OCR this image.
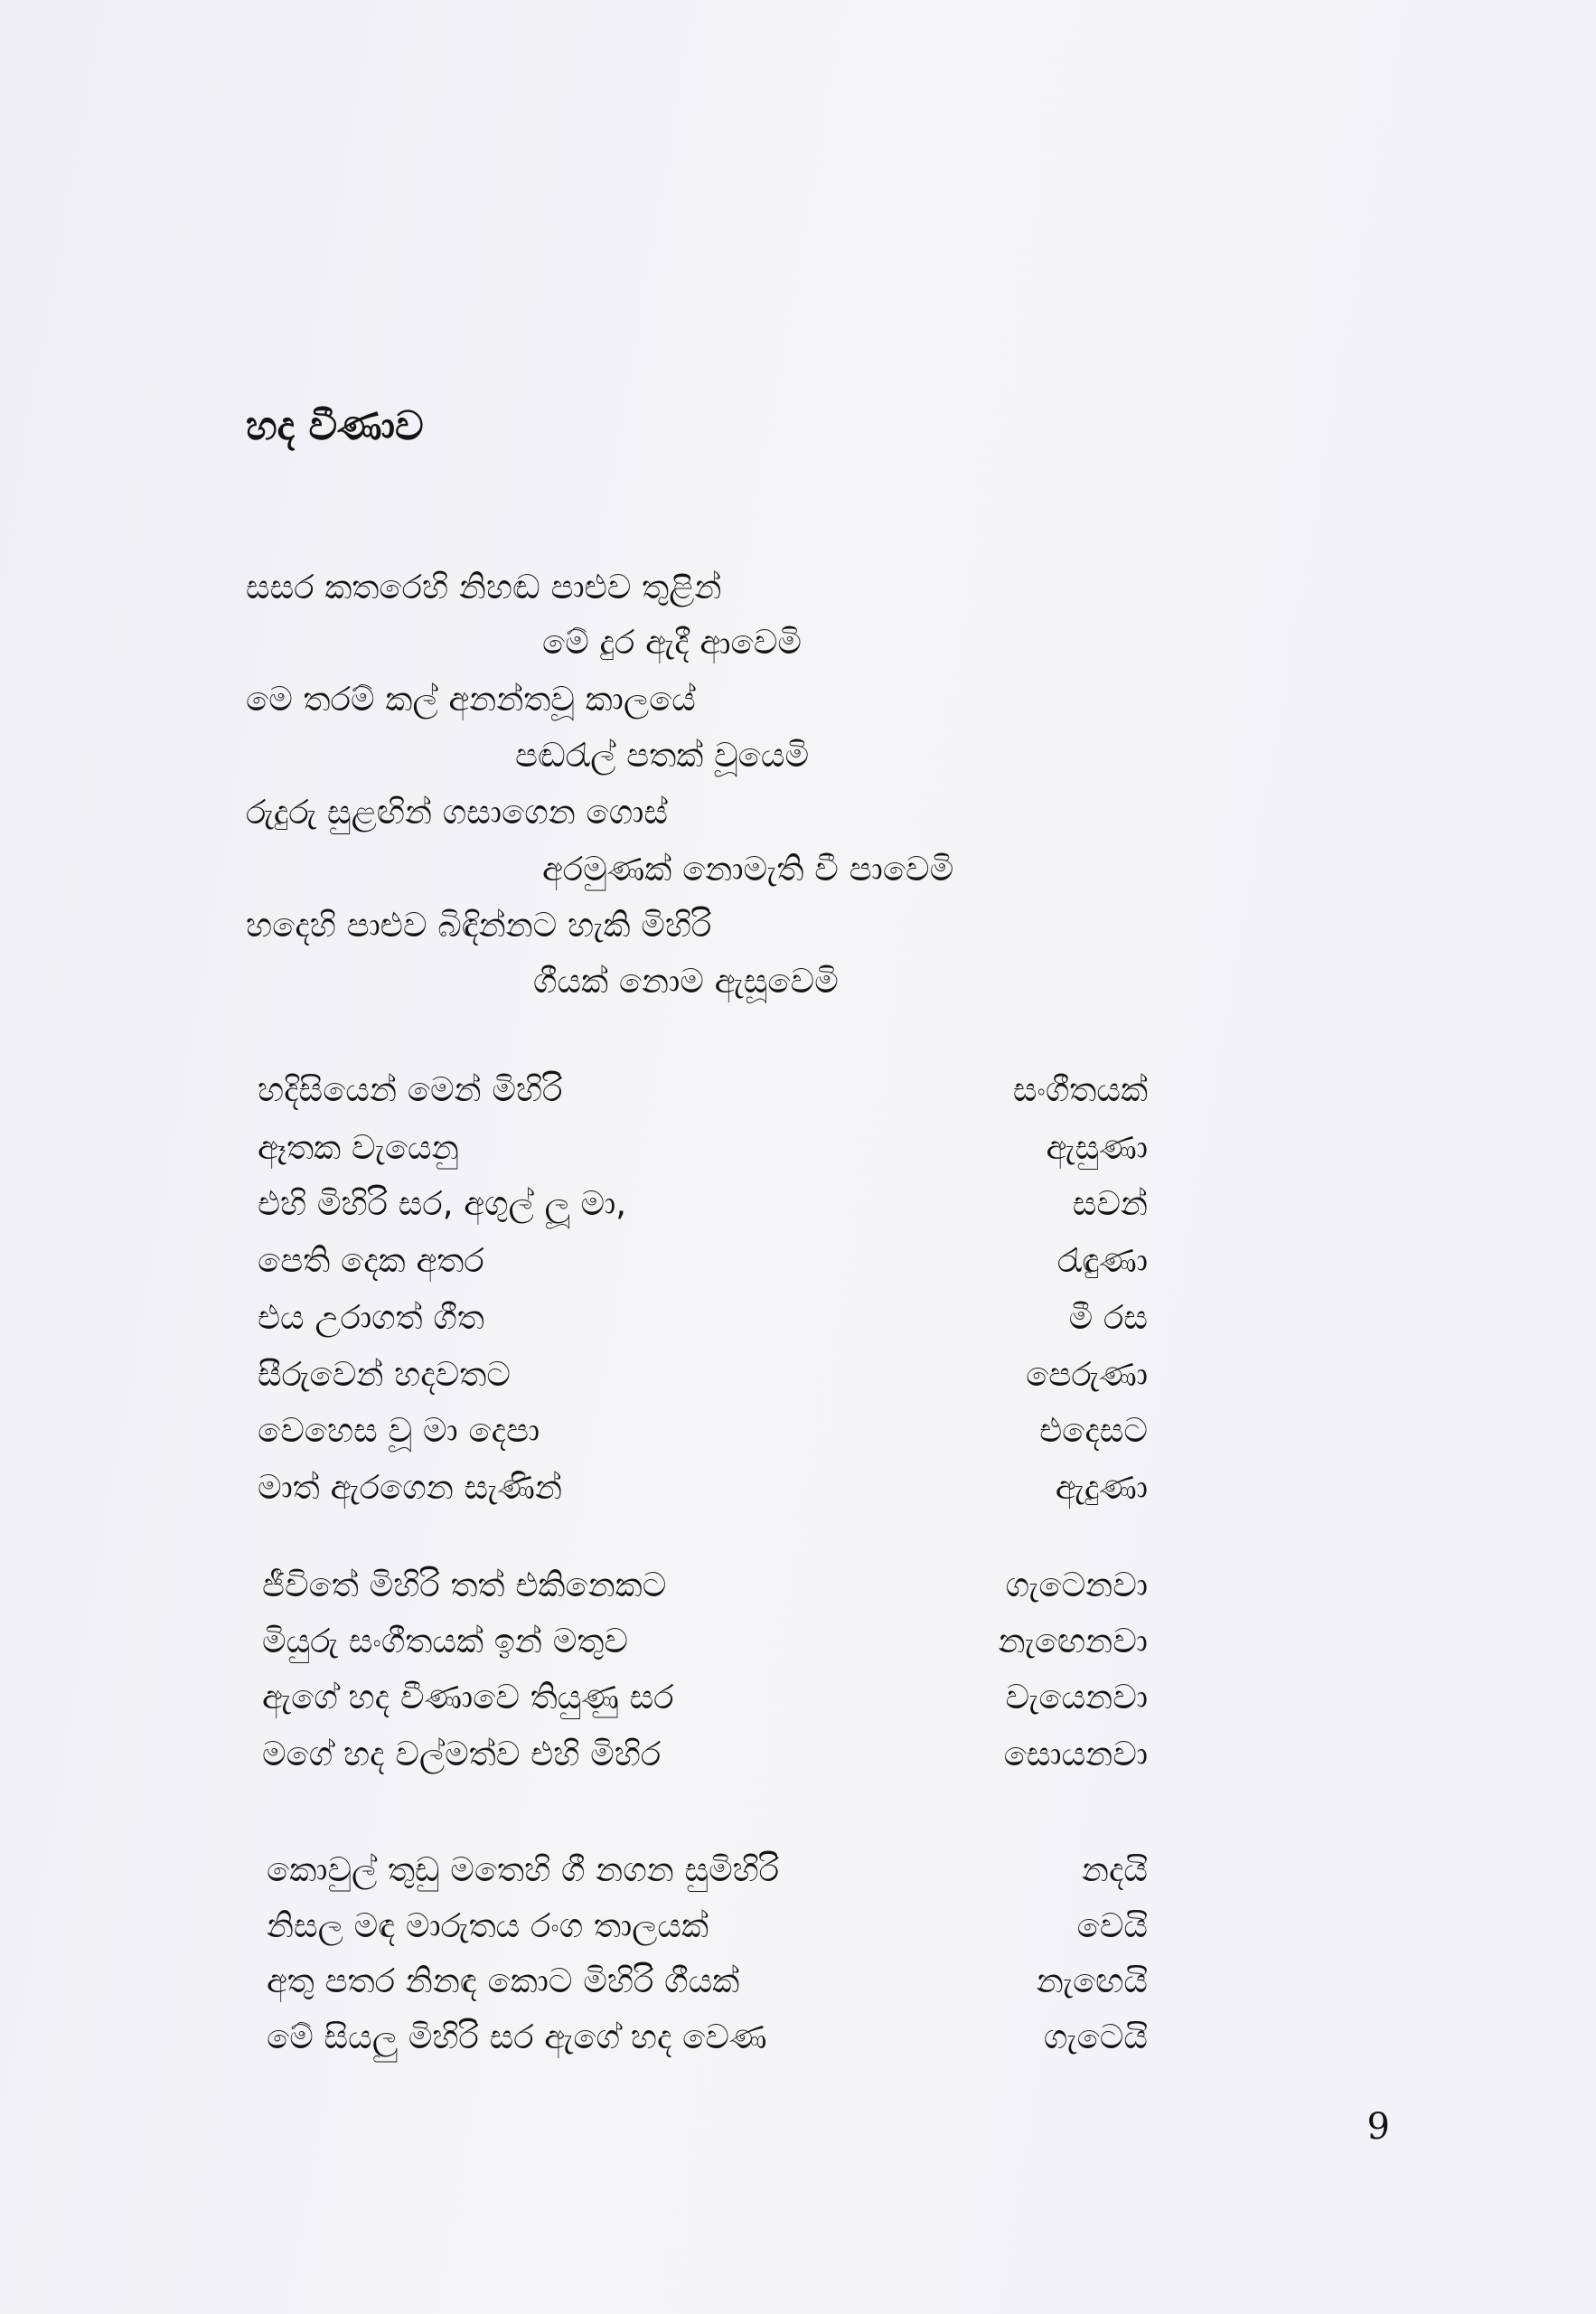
හද වීණාව
සසර කතරෙහි නිහඬ පාළුව තුළින්
මේ දුර ඇදී ආවෙමි
මෙ තරම් කල් අනන්තවූ කාලයේ
පඬරැල් පතක් වූයෙමි
රුදුරු සුළඟින් ගසාගෙන ගොස්
අරමුණක් නොමැති වී පාවෙමි
හදෙහි පාළුව බිඳින්නට හැකි මිහිරි
ගීයක් නොම ඇසූවෙමි
හදිසියෙන් මෙන් මිහිරි	සංගීතයක්
ඈතක වැයෙනු	ඇසුණා
එහි මිහිරි සර, අගුල් ලූ මා,	සවන්
පෙති දෙක අතර	රැඳුණා
එය උරාගත් ගීත	මී රස
සීරුවෙන් හදවතට	පෙරුණා
වෙහෙස වූ මා දෙපා	එදෙසට
මාත් ඇරගෙන සැණින්	ඇදුණා
ජීවිතේ මිහිරි තත් එකිනෙකට	ගැටෙනවා
මියුරු සංගීතයක් ඉන් මතුව	නැඟෙනවා
ඇගේ හද වීණාවෙ තියුණු සර	වැයෙනවා
මගේ හද වල්මත්ව එහි මිහිර	සොයනවා
කොවුල් තුඩු මතෙහි ගී නගන සුමිහිරි	නදයි
නිසල මඳ මාරුතය රංග තාලයක්	වෙයි
අතු පතර නිනඳ කොට මිහිරි ගීයක්	නැඟෙයි
මේ සියලු මිහිරි සර ඇගේ හද වෙණ	ගැටෙයි
9
